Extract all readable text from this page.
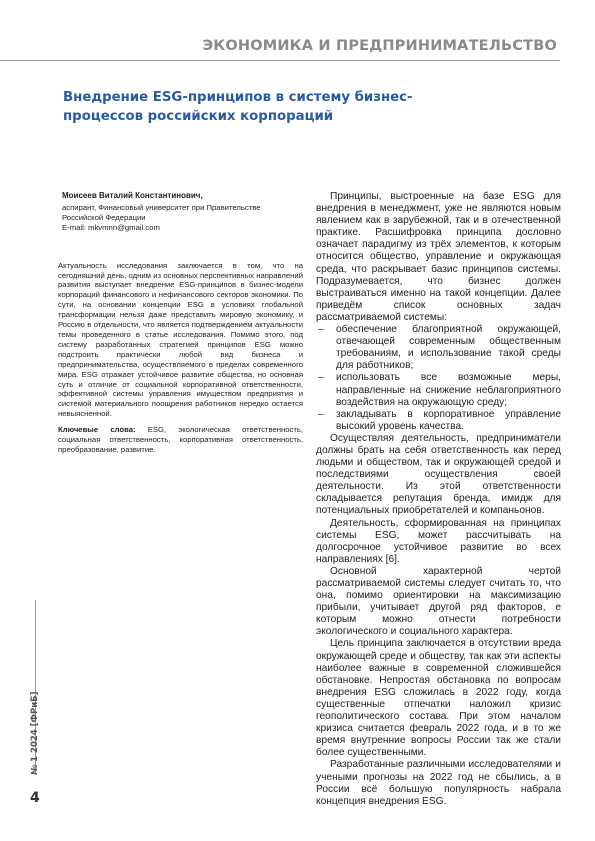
ЭКОНОМИКА И ПРЕДПРИНИМАТЕЛЬСТВО
Внедрение ESG-принципов в систему бизнес-процессов российских корпораций
Моисеев Виталий Константинович,

аспирант, Финансовый университет при Правительстве Российской Федерации

E-mail: mkvmnn@gmail.com

Актуальность исследования заключается в том, что на сегодняшний день, одним из основных перспективных направлений развития выступает внедрение ESG-принципов в бизнес-модели корпораций финансового и нефинансового секторов экономики. По сути, на основании концепции ESG в условиях глобальной трансформации нельзя даже представить мировую экономику, и Россию в отдельности, что является подтверждением актуальности темы проведенного в статье исследования. Помимо этого, под систему разработанных стратегией принципов ESG можно подстроить практически любой вид бизнеса и предпринимательства, осуществляемого в пределах современного мира. ESG отражает устойчивое развитие общества, но основная суть и отличие от социальной корпоративной ответственности, эффективной системы управления имуществом предприятия и системой материального поощрения работников нередко остается невыясненной.
Ключевые слова: ESG, экологическая ответственность, социальная ответственность, корпоративная ответственность, преобразование, развитие.

Принципы, выстроенные на базе ESG для внедрения в менеджмент, уже не являются новым явлением как в зарубежной, так и в отечественной практике. Расшифровка принципа дословно означает парадигму из трёх элементов, к которым относится общество, управление и окружающая среда, что раскрывает базис принципов системы. Подразумевается, что бизнес должен выстраиваться именно на такой концепции. Далее приведём список основных задач рассматриваемой системы:

– обеспечение благоприятной окружающей, отвечающей современным общественным требованиям, и использование такой среды для работников;
– использовать все возможные меры, направленные на снижение неблагоприятного воздействия на окружающую среду;
– закладывать в корпоративное управление высокий уровень качества.

Осуществляя деятельность, предприниматели должны брать на себя ответственность как перед людьми и обществом, так и окружающей средой и последствиями осуществления своей деятельности. Из этой ответственности складывается репутация бренда, имидж для потенциальных приобретателей и компаньонов.

Деятельность, сформированная на принципах системы ESG, может рассчитывать на долгосрочное устойчивое развитие во всех направлениях [6].

Основной характерной чертой рассматриваемой системы следует считать то, что она, помимо ориентировки на максимизацию прибыли, учитывает другой ряд факторов, е которым можно отнести потребности экологического и социального характера.

Цель принципа заключается в отсутствии вреда окружающей среде и обществу, так как эти аспекты наиболее важные в современной сложившейся обстановке. Непростая обстановка по вопросам внедрения ESG сложилась в 2022 году, когда существенные отпечатки наложил кризис геополитического состава. При этом началом кризиса считается февраль 2022 года, и в то же время внутренние вопросы России так же стали более существенными.

Разработанные различными исследователями и учеными прогнозы на 2022 год не сбылись, а в России всё большую популярность набрала концепция внедрения ESG.

№ 1 2024 [ФРиБ]
4
